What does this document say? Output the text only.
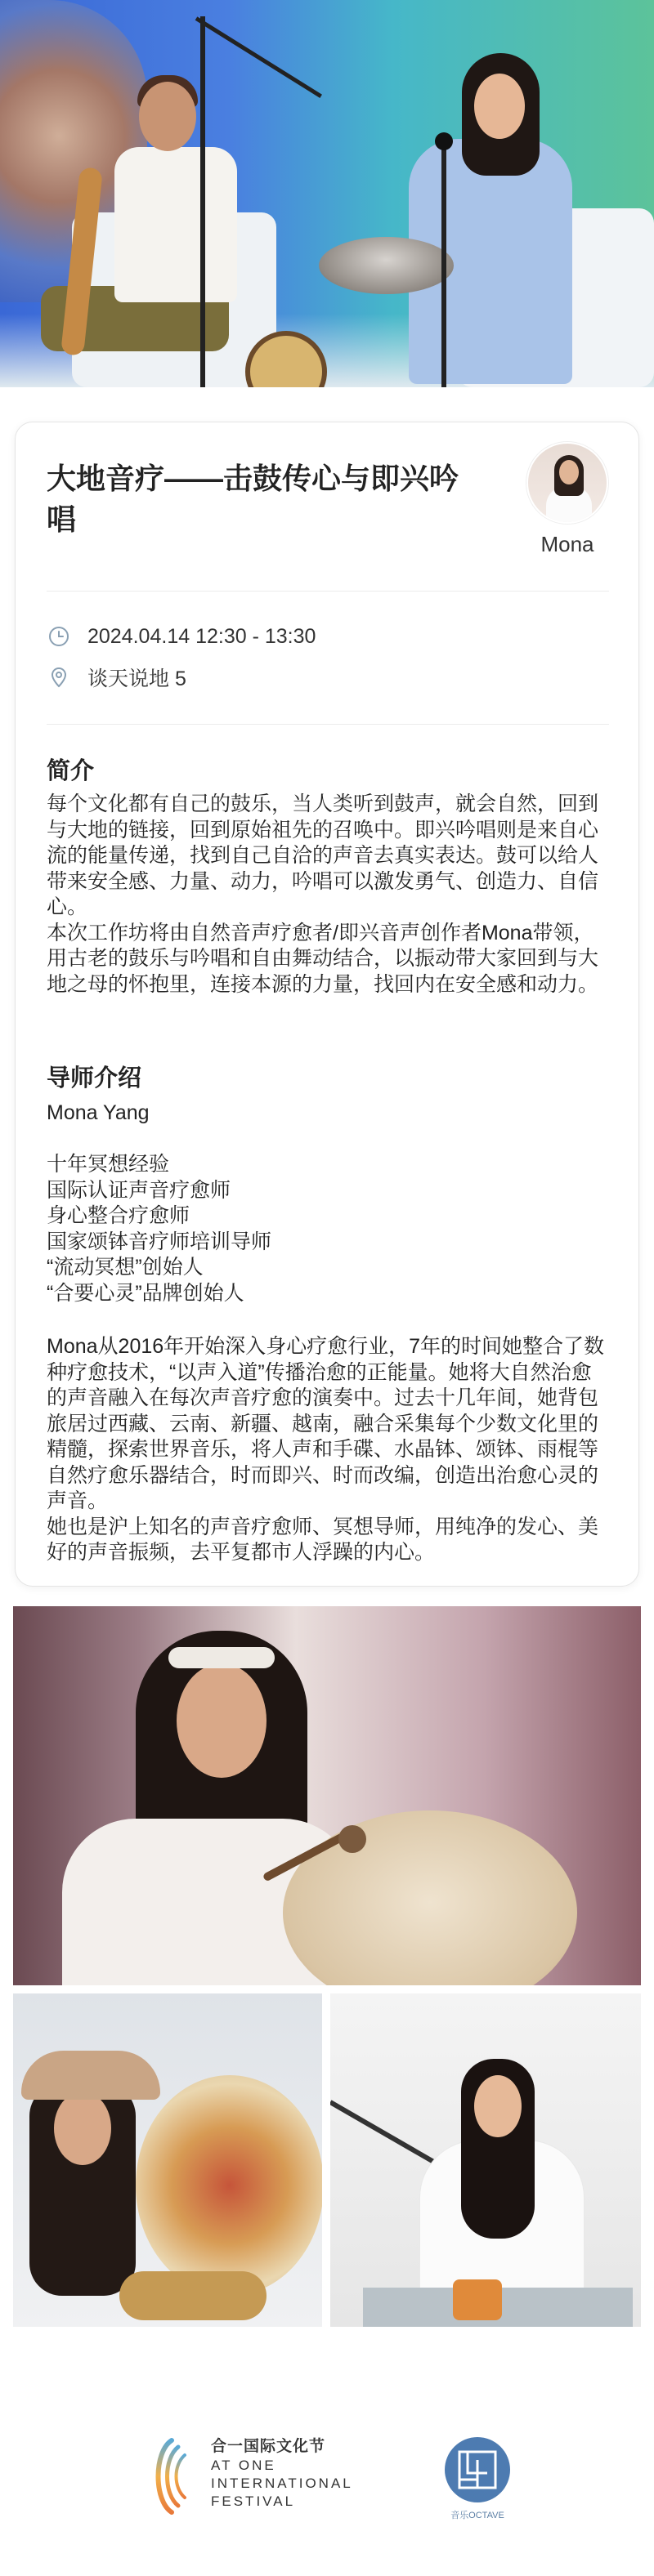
大地音疗——击鼓传心与即兴吟唱
Mona
2024.04.14 12:30 - 13:30
谈天说地 5
简介
每个文化都有自己的鼓乐，当人类听到鼓声，就会自然，回到与大地的链接，回到原始祖先的召唤中。即兴吟唱则是来自心流的能量传递，找到自己自洽的声音去真实表达。鼓可以给人带来安全感、力量、动力，吟唱可以激发勇气、创造力、自信心。
本次工作坊将由自然音声疗愈者/即兴音声创作者Mona带领，用古老的鼓乐与吟唱和自由舞动结合，以振动带大家回到与大地之母的怀抱里，连接本源的力量，找回内在安全感和动力。
导师介绍
Mona Yang
十年冥想经验
国际认证声音疗愈师
身心整合疗愈师
国家颂钵音疗师培训导师
“流动冥想”创始人
“合要心灵”品牌创始人
Mona从2016年开始深入身心疗愈行业，7年的时间她整合了数种疗愈技术，“以声入道”传播治愈的正能量。她将大自然治愈的声音融入在每次声音疗愈的演奏中。过去十几年间，她背包旅居过西藏、云南、新疆、越南，融合采集每个少数文化里的精髓，探索世界音乐，将人声和手碟、水晶钵、颂钵、雨棍等自然疗愈乐器结合，时而即兴、时而改编，创造出治愈心灵的声音。
她也是沪上知名的声音疗愈师、冥想导师，用纯净的发心、美好的声音振频，去平复都市人浮躁的内心。
合一国际文化节
AT ONE
INTERNATIONAL
FESTIVAL
音乐OCTAVE
